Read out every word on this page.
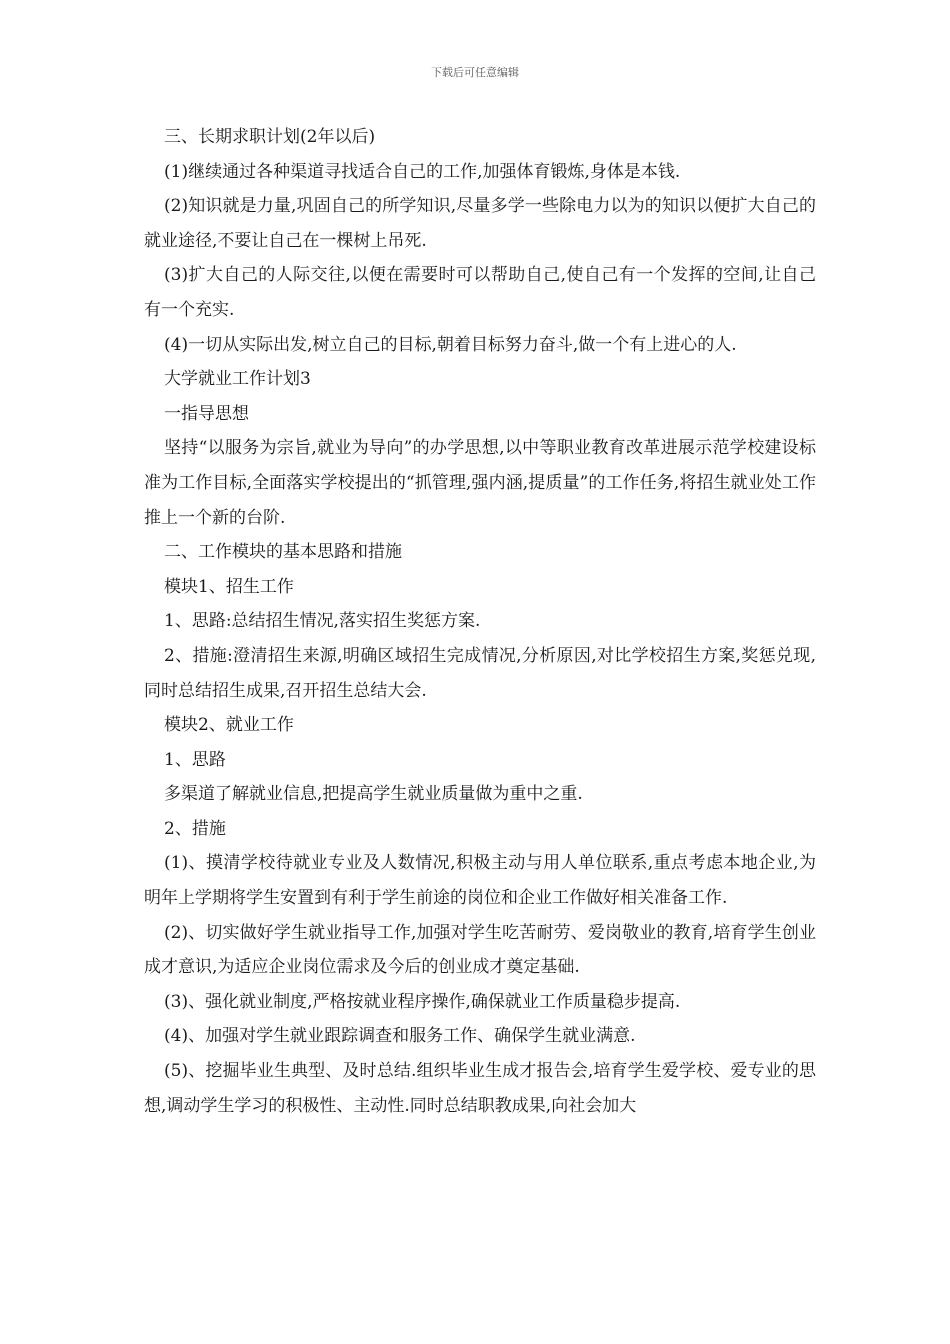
下载后可任意编辑

三、长期求职计划(2年以后)

(1)继续通过各种渠道寻找适合自己的工作,加强体育锻炼,身体是本钱.

(2)知识就是力量,巩固自己的所学知识,尽量多学一些除电力以为的知识以便扩大自己的就业途径,不要让自己在一棵树上吊死.

(3)扩大自己的人际交往,以便在需要时可以帮助自己,使自己有一个发挥的空间,让自己有一个充实.

(4)一切从实际出发,树立自己的目标,朝着目标努力奋斗,做一个有上进心的人.

大学就业工作计划3

一指导思想

坚持“以服务为宗旨,就业为导向”的办学思想,以中等职业教育改革进展示范学校建设标准为工作目标,全面落实学校提出的“抓管理,强内涵,提质量”的工作任务,将招生就业处工作推上一个新的台阶.

二、工作模块的基本思路和措施

模块1、招生工作

1、思路:总结招生情况,落实招生奖惩方案.

2、措施:澄清招生来源,明确区域招生完成情况,分析原因,对比学校招生方案,奖惩兑现,同时总结招生成果,召开招生总结大会.

模块2、就业工作

1、思路

多渠道了解就业信息,把提高学生就业质量做为重中之重.

2、措施

(1)、摸清学校待就业专业及人数情况,积极主动与用人单位联系,重点考虑本地企业,为明年上学期将学生安置到有利于学生前途的岗位和企业工作做好相关准备工作.

(2)、切实做好学生就业指导工作,加强对学生吃苦耐劳、爱岗敬业的教育,培育学生创业成才意识,为适应企业岗位需求及今后的创业成才奠定基础.

(3)、强化就业制度,严格按就业程序操作,确保就业工作质量稳步提高.

(4)、加强对学生就业跟踪调查和服务工作、确保学生就业满意.

(5)、挖掘毕业生典型、及时总结.组织毕业生成才报告会,培育学生爱学校、爱专业的思想,调动学生学习的积极性、主动性.同时总结职教成果,向社会加大
